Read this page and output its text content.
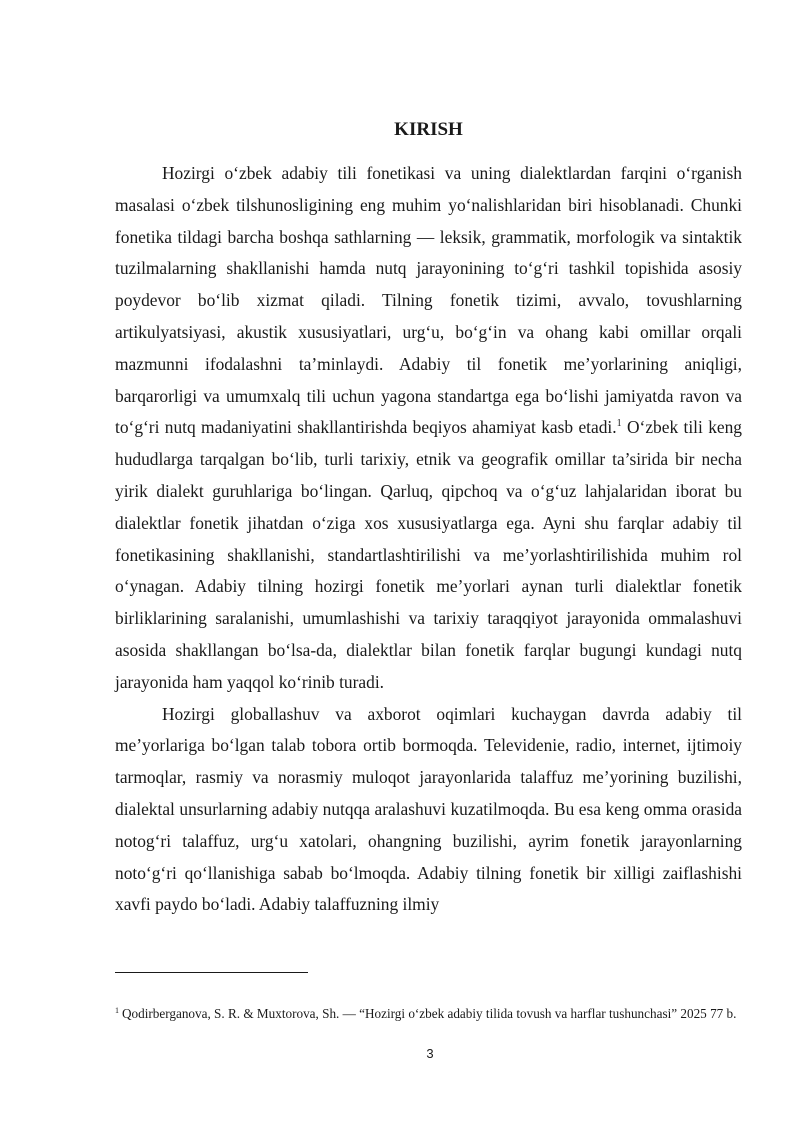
KIRISH

Hozirgi o‘zbek adabiy tili fonetikasi va uning dialektlardan farqini o‘rganish masalasi o‘zbek tilshunosligining eng muhim yo‘nalishlaridan biri hisoblanadi. Chunki fonetika tildagi barcha boshqa sathlarning — leksik, grammatik, morfologik va sintaktik tuzilmalarning shakllanishi hamda nutq jarayonining to‘g‘ri tashkil topishida asosiy poydevor bo‘lib xizmat qiladi. Tilning fonetik tizimi, avvalo, tovushlarning artikulyatsiyasi, akustik xususiyatlari, urg‘u, bo‘g‘in va ohang kabi omillar orqali mazmunni ifodalashni ta’minlaydi. Adabiy til fonetik me’yorlarining aniqligi, barqarorligi va umumxalq tili uchun yagona standartga ega bo‘lishi jamiyatda ravon va to‘g‘ri nutq madaniyatini shakllantirishda beqiyos ahamiyat kasb etadi.$^1$ O‘zbek tili keng hududlarga tarqalgan bo‘lib, turli tarixiy, etnik va geografik omillar ta’sirida bir necha yirik dialekt guruhlariga bo‘lingan. Qarluq, qipchoq va o‘g‘uz lahjalaridan iborat bu dialektlar fonetik jihatdan o‘ziga xos xususiyatlarga ega. Ayni shu farqlar adabiy til fonetikasining shakllanishi, standartlashtirilishi va me’yorlashtirilishida muhim rol o‘ynagan. Adabiy tilning hozirgi fonetik me’yorlari aynan turli dialektlar fonetik birliklarining saralanishi, umumlashishi va tarixiy taraqqiyot jarayonida ommalashuvi asosida shakllangan bo‘lsa-da, dialektlar bilan fonetik farqlar bugungi kundagi nutq jarayonida ham yaqqol ko‘rinib turadi.

Hozirgi globallashuv va axborot oqimlari kuchaygan davrda adabiy til me’yorlariga bo‘lgan talab tobora ortib bormoqda. Televidenie, radio, internet, ijtimoiy tarmoqlar, rasmiy va norasmiy muloqot jarayonlarida talaffuz me’yorining buzilishi, dialektal unsurlarning adabiy nutqqa aralashuvi kuzatilmoqda. Bu esa keng omma orasida notog‘ri talaffuz, urg‘u xatolari, ohangning buzilishi, ayrim fonetik jarayonlarning noto‘g‘ri qo‘llanishiga sabab bo‘lmoqda. Adabiy tilning fonetik bir xilligi zaiflashishi xavfi paydo bo‘ladi. Adabiy talaffuzning ilmiy

$^1$ Qodirberganova, S. R. & Muxtorova, Sh. — “Hozirgi o‘zbek adabiy tilida tovush va harflar tushunchasi” 2025 77 b.
3
